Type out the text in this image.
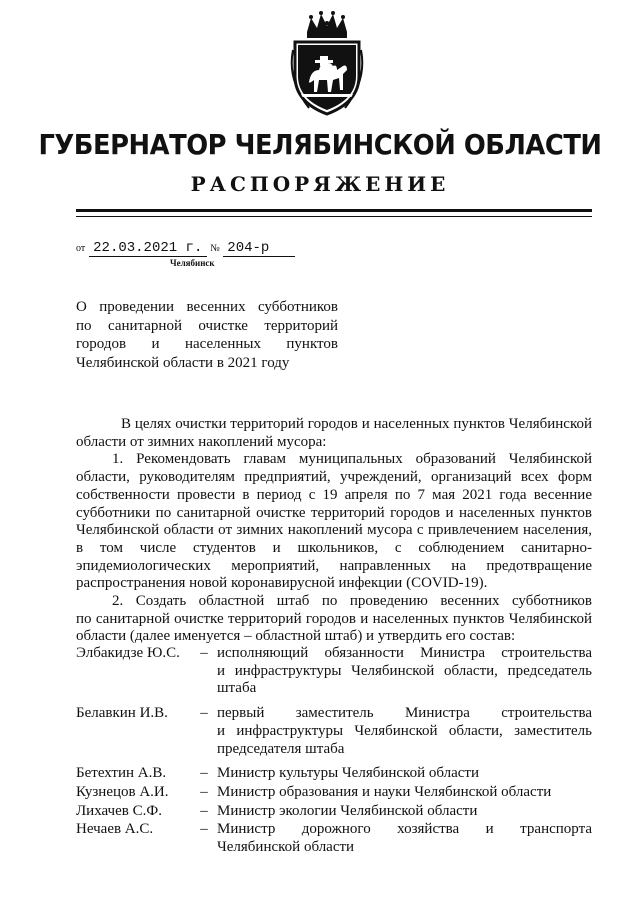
ГУБЕРНАТОР ЧЕЛЯБИНСКОЙ ОБЛАСТИ
РАСПОРЯЖЕНИЕ
от 22.03.2021 г. № 204-р
Челябинск
О проведении весенних субботников
по санитарной очистке территорий
городов и населенных пунктов
Челябинской области в 2021 году
В целях очистки территорий городов и населенных пунктов Челябинской
области от зимних накоплений мусора:
1. Рекомендовать главам муниципальных образований Челябинской
области, руководителям предприятий, учреждений, организаций всех форм
собственности провести в период с 19 апреля по 7 мая 2021 года весенние
субботники по санитарной очистке территорий городов и населенных пунктов
Челябинской области от зимних накоплений мусора с привлечением населения,
в том числе студентов и школьников, с соблюдением санитарно-
эпидемиологических мероприятий, направленных на предотвращение
распространения новой коронавирусной инфекции (COVID-19).
2. Создать областной штаб по проведению весенних субботников
по санитарной очистке территорий городов и населенных пунктов Челябинской
области (далее именуется – областной штаб) и утвердить его состав:
Элбакидзе Ю.С.	– исполняющий обязанности Министра строительства
и инфраструктуры Челябинской области, председатель
штаба
Белавкин И.В.	– первый заместитель Министра строительства
и инфраструктуры Челябинской области, заместитель
председателя штаба
Бетехтин А.В.	– Министр культуры Челябинской области
Кузнецов А.И.	– Министр образования и науки Челябинской области
Лихачев С.Ф.	– Министр экологии Челябинской области
Нечаев А.С.	– Министр дорожного хозяйства и транспорта
Челябинской области
